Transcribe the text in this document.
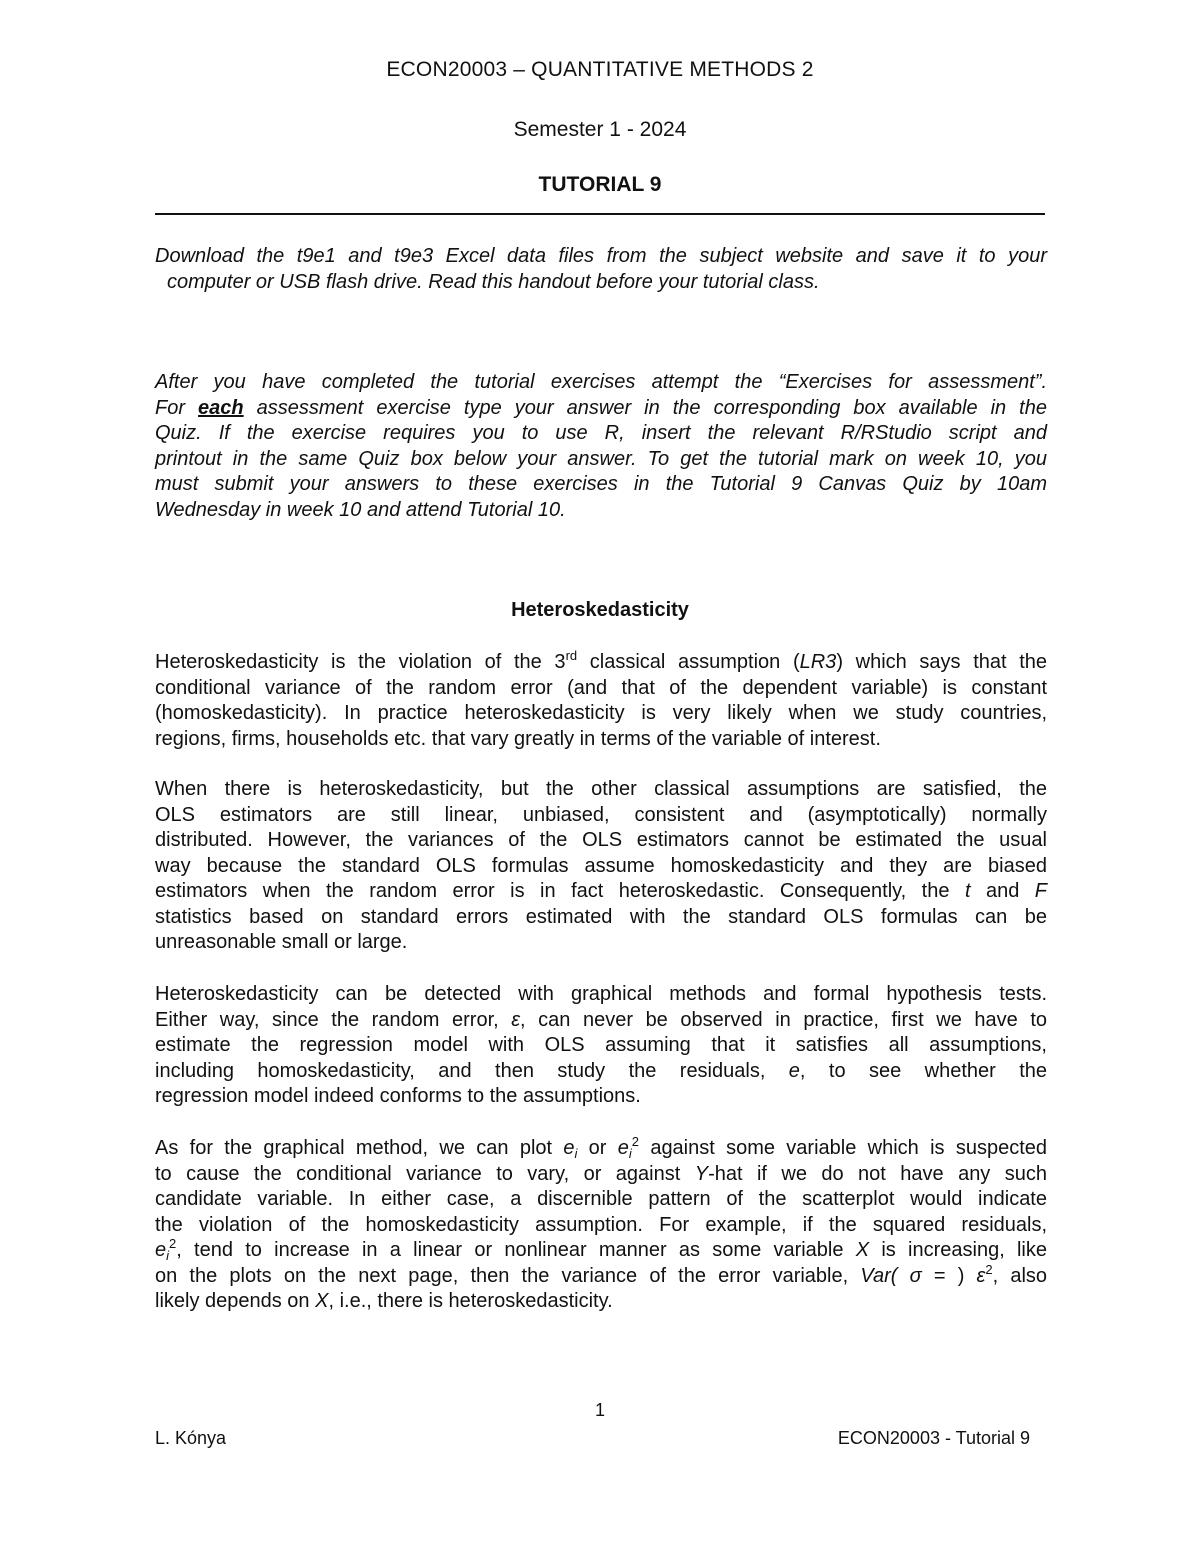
ECON20003 – QUANTITATIVE METHODS 2
Semester 1 - 2024
TUTORIAL 9
Download the t9e1 and t9e3 Excel data files from the subject website and save it to your
computer or USB flash drive. Read this handout before your tutorial class.
After you have completed the tutorial exercises attempt the “Exercises for assessment”.
For each assessment exercise type your answer in the corresponding box available in the
Quiz. If the exercise requires you to use R, insert the relevant R/RStudio script and
printout in the same Quiz box below your answer. To get the tutorial mark on week 10, you
must submit your answers to these exercises in the Tutorial 9 Canvas Quiz by 10am
Wednesday in week 10 and attend Tutorial 10.
Heteroskedasticity
Heteroskedasticity is the violation of the 3rd classical assumption (LR3) which says that the
conditional variance of the random error (and that of the dependent variable) is constant
(homoskedasticity). In practice heteroskedasticity is very likely when we study countries,
regions, firms, households etc. that vary greatly in terms of the variable of interest.
When there is heteroskedasticity, but the other classical assumptions are satisfied, the
OLS estimators are still linear, unbiased, consistent and (asymptotically) normally
distributed. However, the variances of the OLS estimators cannot be estimated the usual
way because the standard OLS formulas assume homoskedasticity and they are biased
estimators when the random error is in fact heteroskedastic. Consequently, the t and F
statistics based on standard errors estimated with the standard OLS formulas can be
unreasonable small or large.
Heteroskedasticity can be detected with graphical methods and formal hypothesis tests.
Either way, since the random error, ε, can never be observed in practice, first we have to
estimate the regression model with OLS assuming that it satisfies all assumptions,
including homoskedasticity, and then study the residuals, e, to see whether the
regression model indeed conforms to the assumptions.
As for the graphical method, we can plot $e_i$ or $e_i^2$ against some variable which is suspected
to cause the conditional variance to vary, or against Y-hat if we do not have any such
candidate variable. In either case, a discernible pattern of the scatterplot would indicate
the violation of the homoskedasticity assumption. For example, if the squared residuals,
$e_i^2$, tend to increase in a linear or nonlinear manner as some variable X is increasing, like
on the plots on the next page, then the variance of the error variable, Var( σ = ) $\varepsilon^2$, also
likely depends on X, i.e., there is heteroskedasticity.
1
L. Kónya	ECON20003 - Tutorial 9
